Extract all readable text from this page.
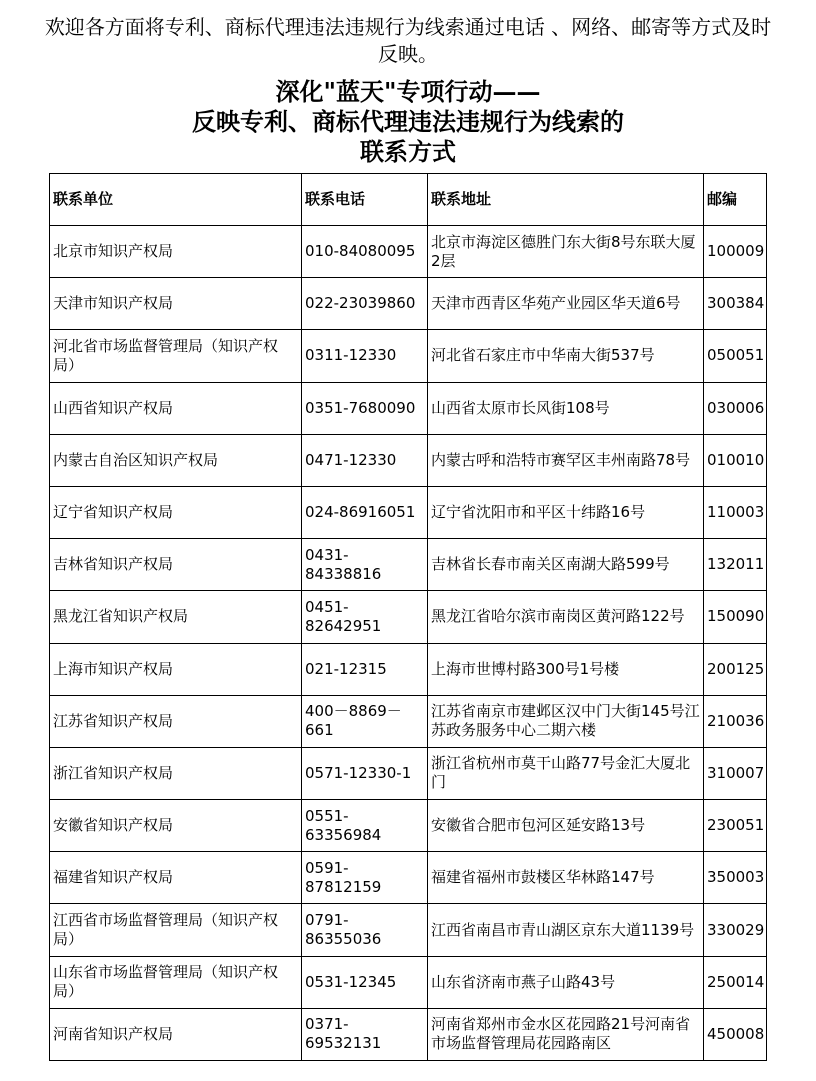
欢迎各方面将专利、商标代理违法违规行为线索通过电话 、网络、邮寄等方式及时反映。
深化"蓝天"专项行动——
反映专利、商标代理违法违规行为线索的
联系方式
联系单位	联系电话	联系地址	邮编
北京市知识产权局	010-84080095	北京市海淀区德胜门东大街8号东联大厦2层	100009
天津市知识产权局	022-23039860	天津市西青区华苑产业园区华天道6号	300384
河北省市场监督管理局（知识产权局）	0311-12330	河北省石家庄市中华南大街537号	050051
山西省知识产权局	0351-7680090	山西省太原市长风街108号	030006
内蒙古自治区知识产权局	0471-12330	内蒙古呼和浩特市赛罕区丰州南路78号	010010
辽宁省知识产权局	024-86916051	辽宁省沈阳市和平区十纬路16号	110003
吉林省知识产权局	0431-84338816	吉林省长春市南关区南湖大路599号	132011
黑龙江省知识产权局	0451-82642951	黑龙江省哈尔滨市南岗区黄河路122号	150090
上海市知识产权局	021-12315	上海市世博村路300号1号楼	200125
江苏省知识产权局	400－8869－661	江苏省南京市建邺区汉中门大街145号江苏政务服务中心二期六楼	210036
浙江省知识产权局	0571-12330-1	浙江省杭州市莫干山路77号金汇大厦北门	310007
安徽省知识产权局	0551-63356984	安徽省合肥市包河区延安路13号	230051
福建省知识产权局	0591-87812159	福建省福州市鼓楼区华林路147号	350003
江西省市场监督管理局（知识产权局）	0791-86355036	江西省南昌市青山湖区京东大道1139号	330029
山东省市场监督管理局（知识产权局）	0531-12345	山东省济南市燕子山路43号	250014
河南省知识产权局	0371-69532131	河南省郑州市金水区花园路21号河南省市场监督管理局花园路南区	450008
